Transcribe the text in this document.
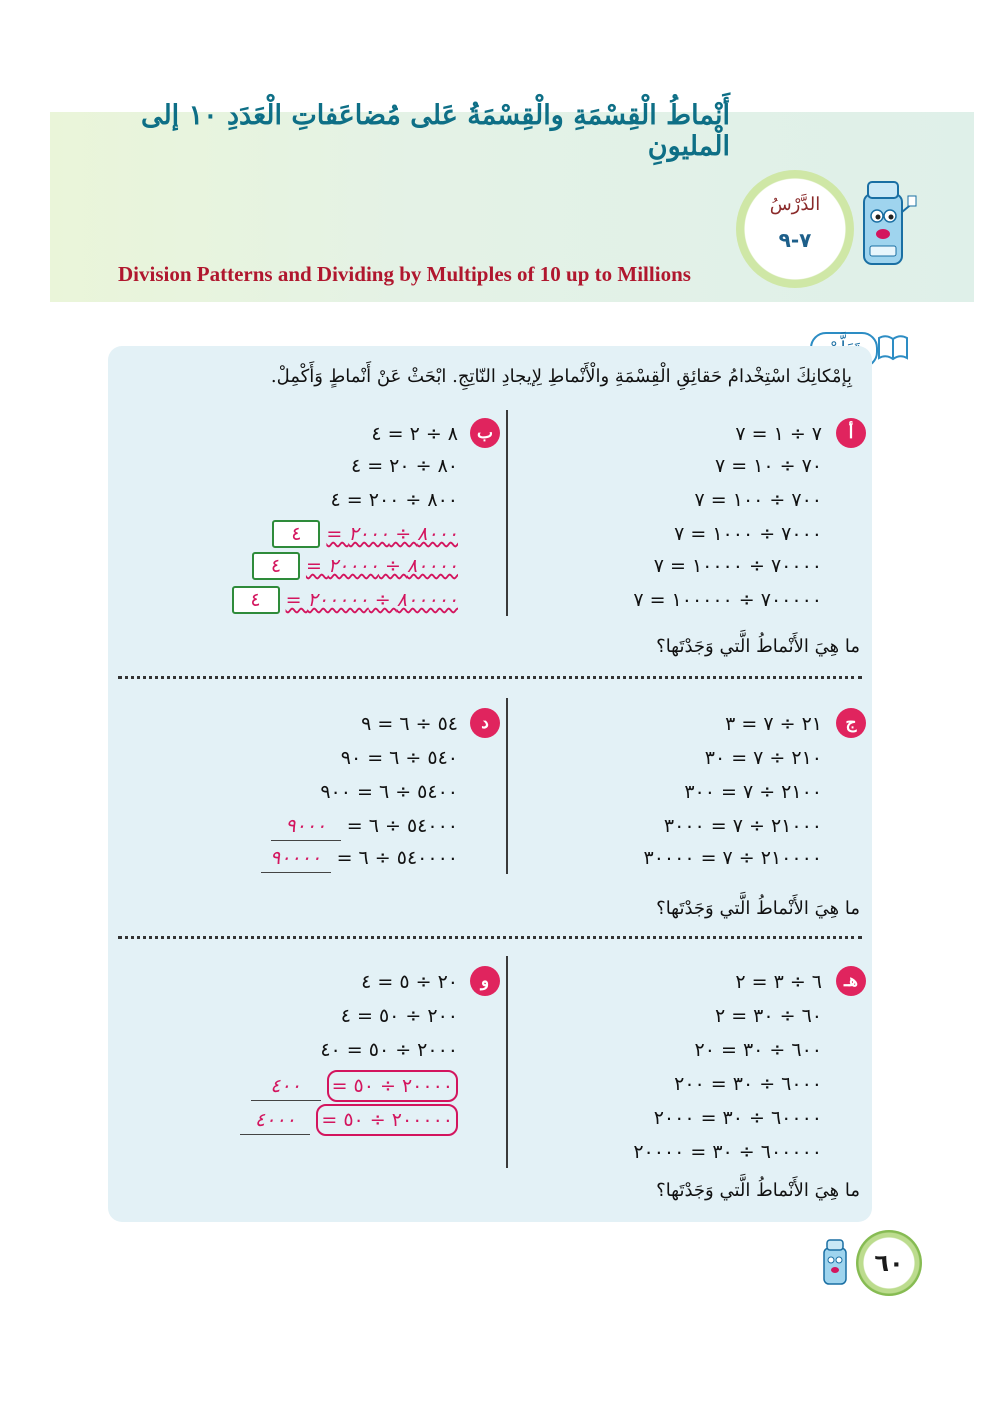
أَنْماطُ الْقِسْمَةِ والْقِسْمَةُ عَلى مُضاعَفاتِ الْعَدَدِ ١٠ إلى الْمليونِ
Division Patterns and Dividing by Multiples of 10 up to Millions
الدَّرْسُ
٧-٩
بِإمْكانِكَ اسْتِخْدامُ حَقائِقِ الْقِسْمَةِ والْأَنْماطِ لِإيجادِ النّاتِجِ. ابْحَثْ عَنْ أَنْماطٍ وَأَكْمِلْ.
أ
٧ ÷ ١ = ٧
٧٠ ÷ ١٠ = ٧
٧٠٠ ÷ ١٠٠ = ٧
٧٠٠٠ ÷ ١٠٠٠ = ٧
٧٠٠٠٠ ÷ ١٠٠٠٠ = ٧
٧٠٠٠٠٠ ÷ ١٠٠٠٠٠ = ٧
ب
٨ ÷ ٢ = ٤
٨٠ ÷ ٢٠ = ٤
٨٠٠ ÷ ٢٠٠ = ٤
٨٠٠٠ ÷ ٢٠٠٠ = ٤
٨٠٠٠٠ ÷ ٢٠٠٠٠ = ٤
٨٠٠٠٠٠ ÷ ٢٠٠٠٠٠ = ٤
ما هِيَ الأَنْماطُ الَّتي وَجَدْتَها؟
ج
٢١ ÷ ٧ = ٣
٢١٠ ÷ ٧ = ٣٠
٢١٠٠ ÷ ٧ = ٣٠٠
٢١٠٠٠ ÷ ٧ = ٣٠٠٠
٢١٠٠٠٠ ÷ ٧ = ٣٠٠٠٠
د
٥٤ ÷ ٦ = ٩
٥٤٠ ÷ ٦ = ٩٠
٥٤٠٠ ÷ ٦ = ٩٠٠
٥٤٠٠٠ ÷ ٦ = ٩٠٠٠
٥٤٠٠٠٠ ÷ ٦ = ٩٠٠٠٠
ما هِيَ الأَنْماطُ الَّتي وَجَدْتَها؟
هـ
٦ ÷ ٣ = ٢
٦٠ ÷ ٣٠ = ٢
٦٠٠ ÷ ٣٠ = ٢٠
٦٠٠٠ ÷ ٣٠ = ٢٠٠
٦٠٠٠٠ ÷ ٣٠ = ٢٠٠٠
٦٠٠٠٠٠ ÷ ٣٠ = ٢٠٠٠٠
و
٢٠ ÷ ٥ = ٤
٢٠٠ ÷ ٥٠ = ٤
٢٠٠٠ ÷ ٥٠ = ٤٠
٢٠٠٠٠ ÷ ٥٠ = ٤٠٠
٢٠٠٠٠٠ ÷ ٥٠ = ٤٠٠٠
ما هِيَ الأَنْماطُ الَّتي وَجَدْتَها؟
٦٠
